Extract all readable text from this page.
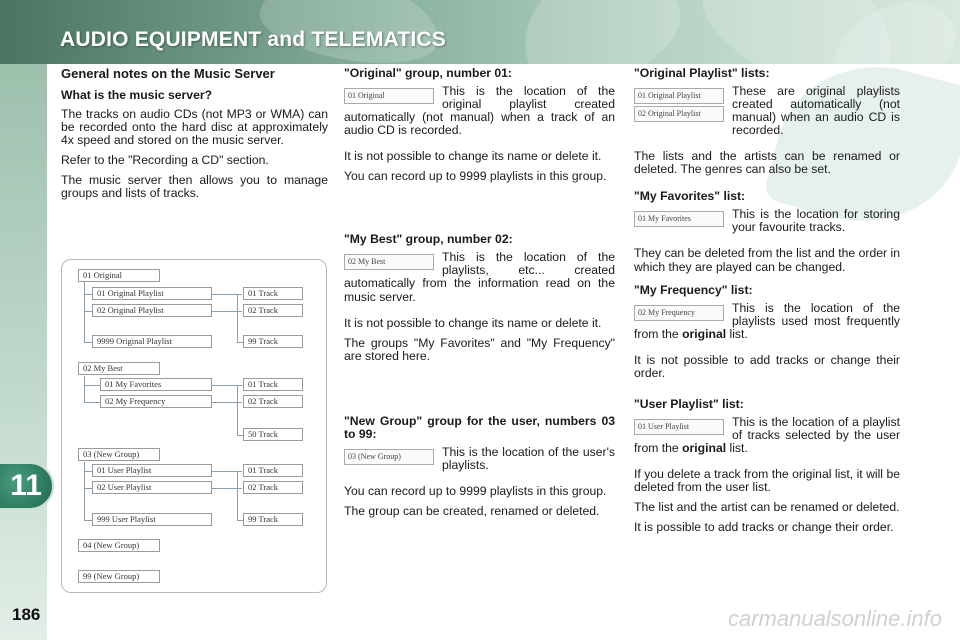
AUDIO EQUIPMENT and TELEMATICS
11
186
General notes on the Music Server
What is the music server?

The tracks on audio CDs (not MP3 or WMA) can be recorded onto the hard disc at approximately 4x speed and stored on the music server.

Refer to the "Recording a CD" section.

The music server then allows you to manage groups and lists of tracks.

01 Original
01 Original Playlist
02 Original Playlist
9999 Original Playlist
01 Track
02 Track
99 Track
02 My Best
01 My Favorites
02 My Frequency
01 Track
02 Track
50 Track
03 (New Group)
01 User Playlist
02 User Playlist
999 User Playlist
01 Track
02 Track
99 Track
04 (New Group)
99 (New Group)
"Original" group, number 01:
01 Original	This is the location of the original playlist created automatically (not manual) when a track of an audio CD is recorded.

It is not possible to change its name or delete it.

You can record up to 9999 playlists in this group.

"My Best" group, number 02:
02 My Best	This is the location of the playlists, etc... created automatically from the information read on the music server.

It is not possible to change its name or delete it.

The groups "My Favorites" and "My Frequency" are stored here.

"New Group" group for the user, numbers 03 to 99:
03 (New Group)	This is the location of the user's playlists.

You can record up to 9999 playlists in this group.

The group can be created, renamed or deleted.

"Original Playlist" lists:
01 Original Playlist
02 Original Playlist

These are original playlists created automatically (not manual) when an audio CD is recorded.

The lists and the artists can be renamed or deleted. The genres can also be set.

"My Favorites" list:
01 My Favorites	This is the location for storing your favourite tracks.

They can be deleted from the list and the order in which they are played can be changed.

"My Frequency" list:
02 My Frequency	This is the location of the playlists used most frequently from the original list.

It is not possible to add tracks or change their order.

"User Playlist" list:
01 User Playlist	This is the location of a playlist of tracks selected by the user from the original list.

If you delete a track from the original list, it will be deleted from the user list.

The list and the artist can be renamed or deleted.

It is possible to add tracks or change their order.

carmanualsonline.info
